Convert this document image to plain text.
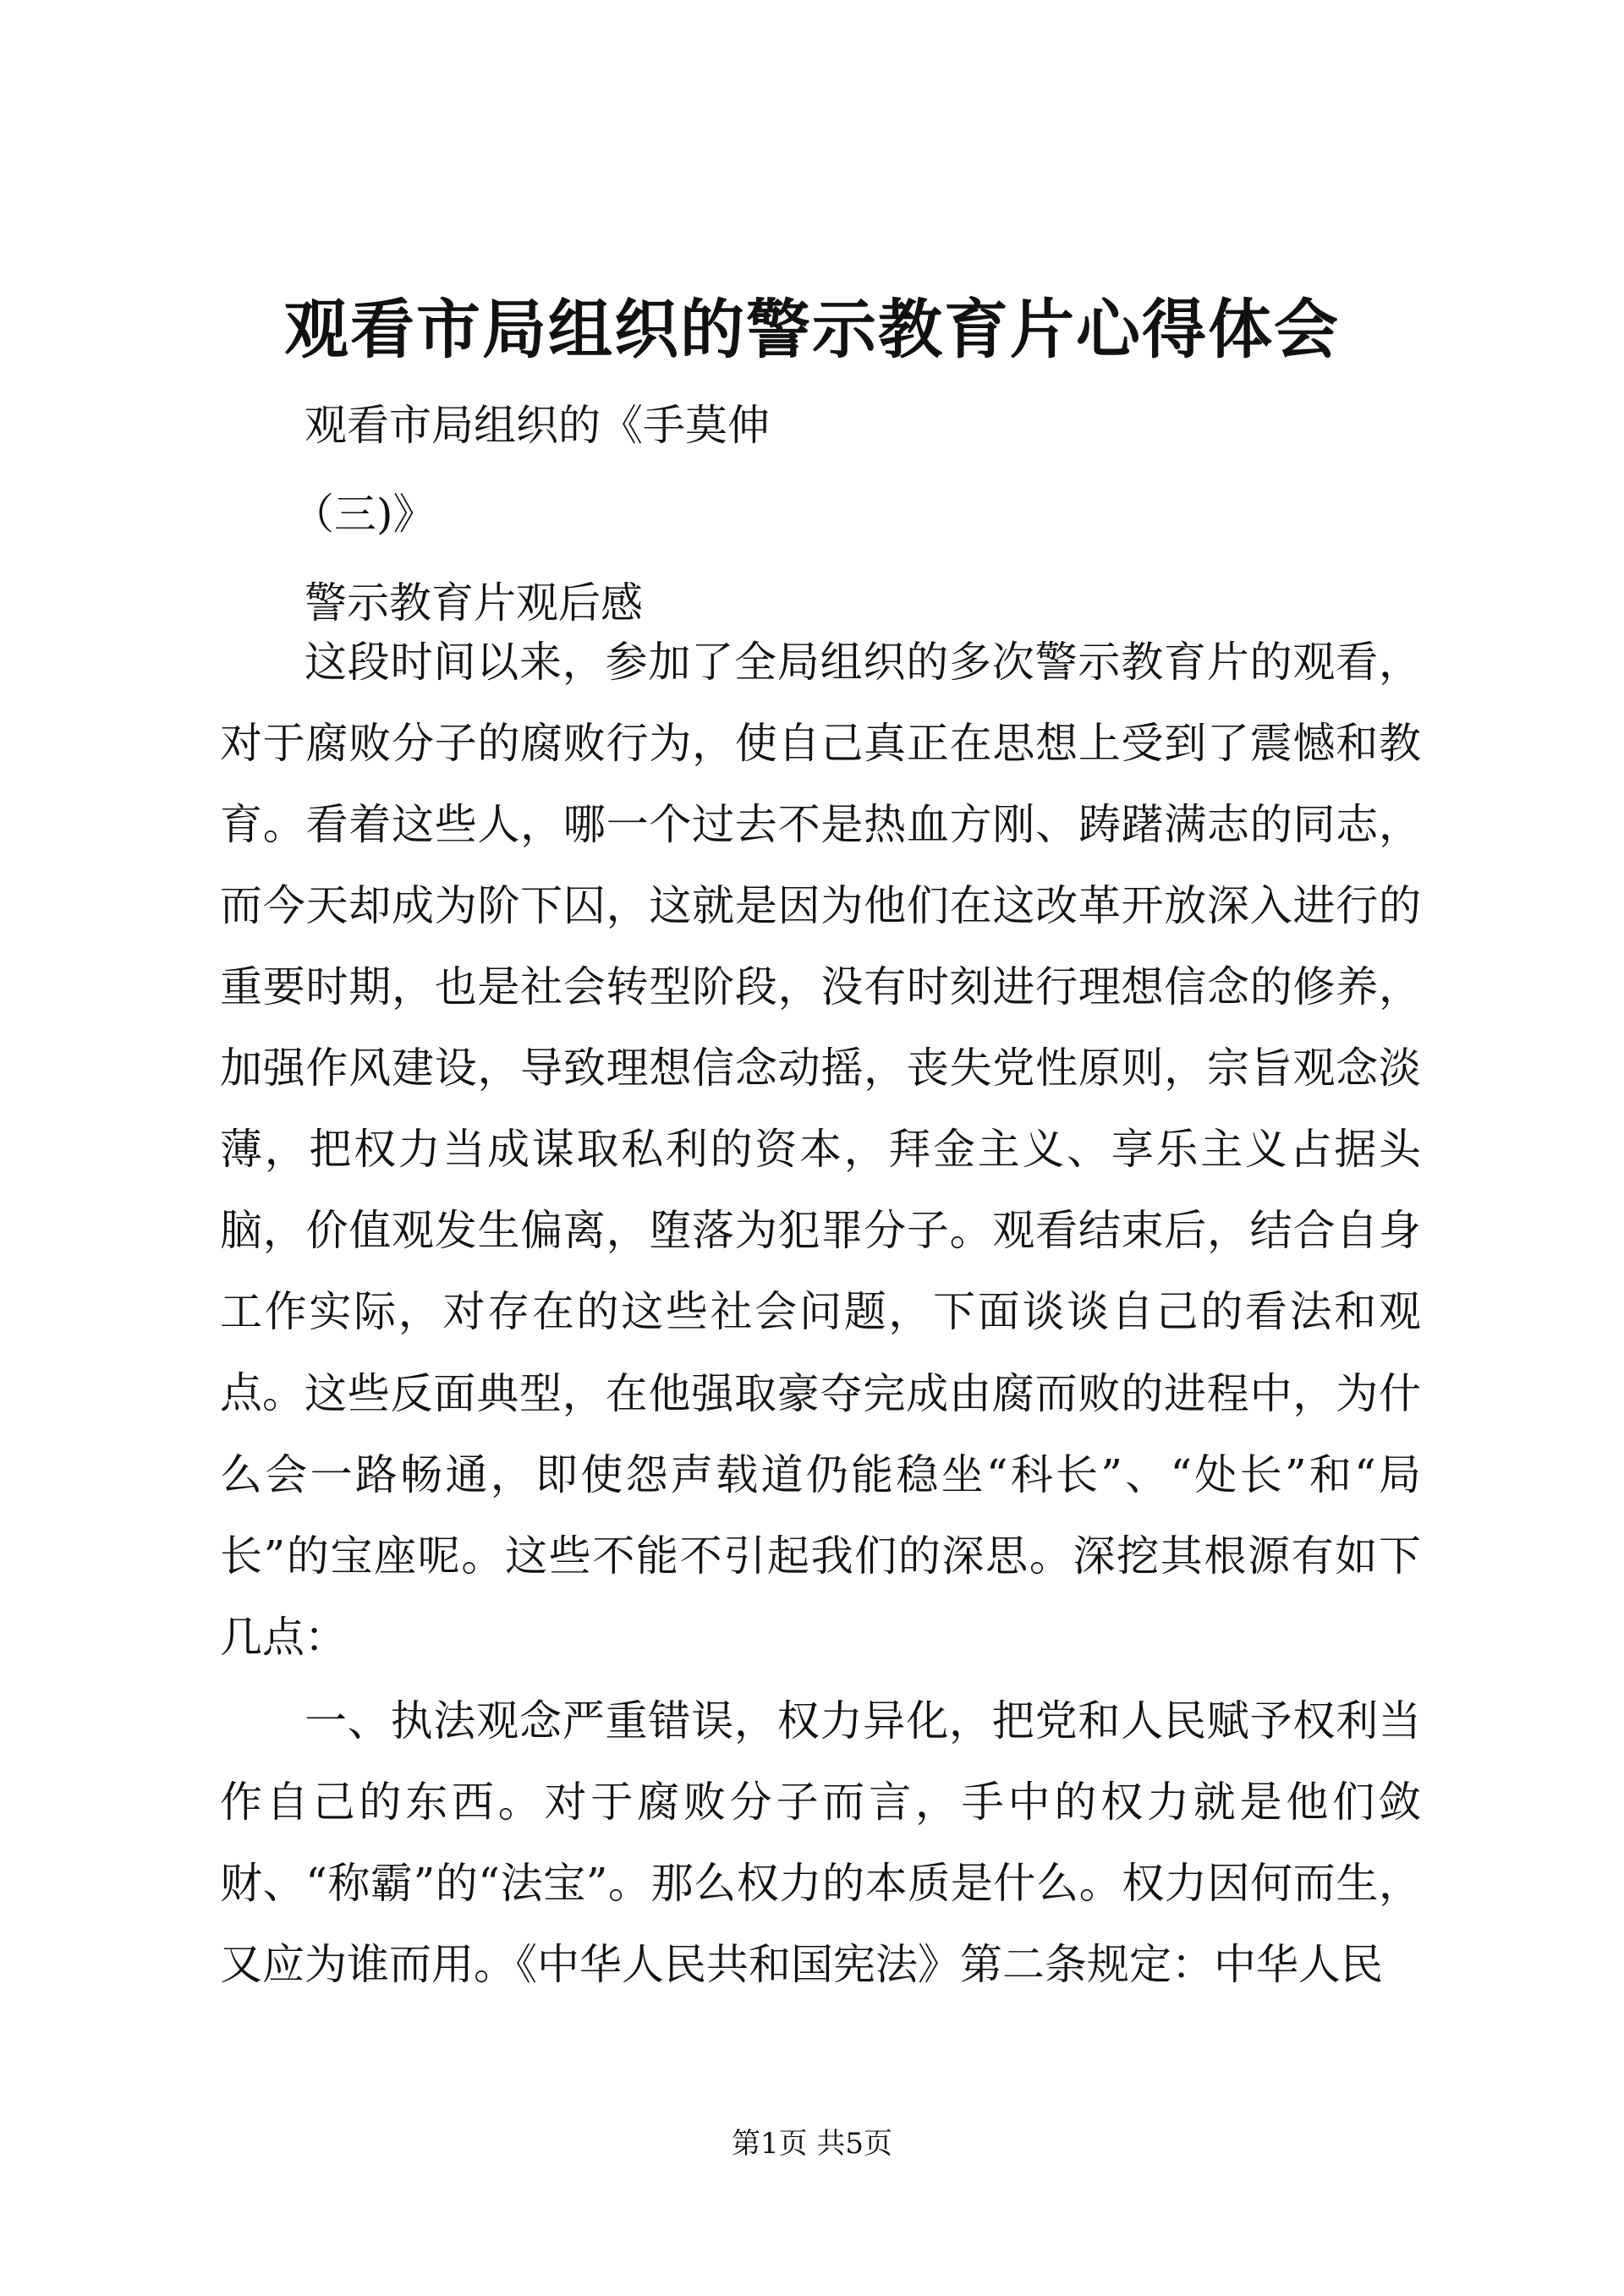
观看市局组织的警示教育片心得体会
观看市局组织的《手莫伸
（三)》
警示教育片观后感

这段时间以来，参加了全局组织的多次警示教育片的观看，对于腐败分子的腐败行为，使自己真正在思想上受到了震憾和教育。看着这些人，哪一个过去不是热血方刚、踌躇满志的同志，而今天却成为阶下囚，这就是因为他们在这改革开放深入进行的重要时期，也是社会转型阶段，没有时刻进行理想信念的修养，加强作风建设，导致理想信念动摇，丧失党性原则，宗旨观念淡薄，把权力当成谋取私利的资本，拜金主义、享乐主义占据头脑，价值观发生偏离，堕落为犯罪分子。观看结束后，结合自身工作实际，对存在的这些社会问题，下面谈谈自己的看法和观点。 这些反面典型，在他强取豪夺完成由腐而败的进程中，为什么会一路畅通，即使怨声载道仍能稳坐“科长”、“处长”和“局长”的宝座呢。这些不能不引起我们的深思。深挖其根源有如下几点：

一、执法观念严重错误，权力异化，把党和人民赋予权利当作自己的东西。对于腐败分子而言，手中的权力就是他们敛财、“称霸”的“法宝”。那么权力的本质是什么。权力因何而生，又应为谁而用。《中华人民共和国宪法》第二条规定：中华人民

第1页 共5页
